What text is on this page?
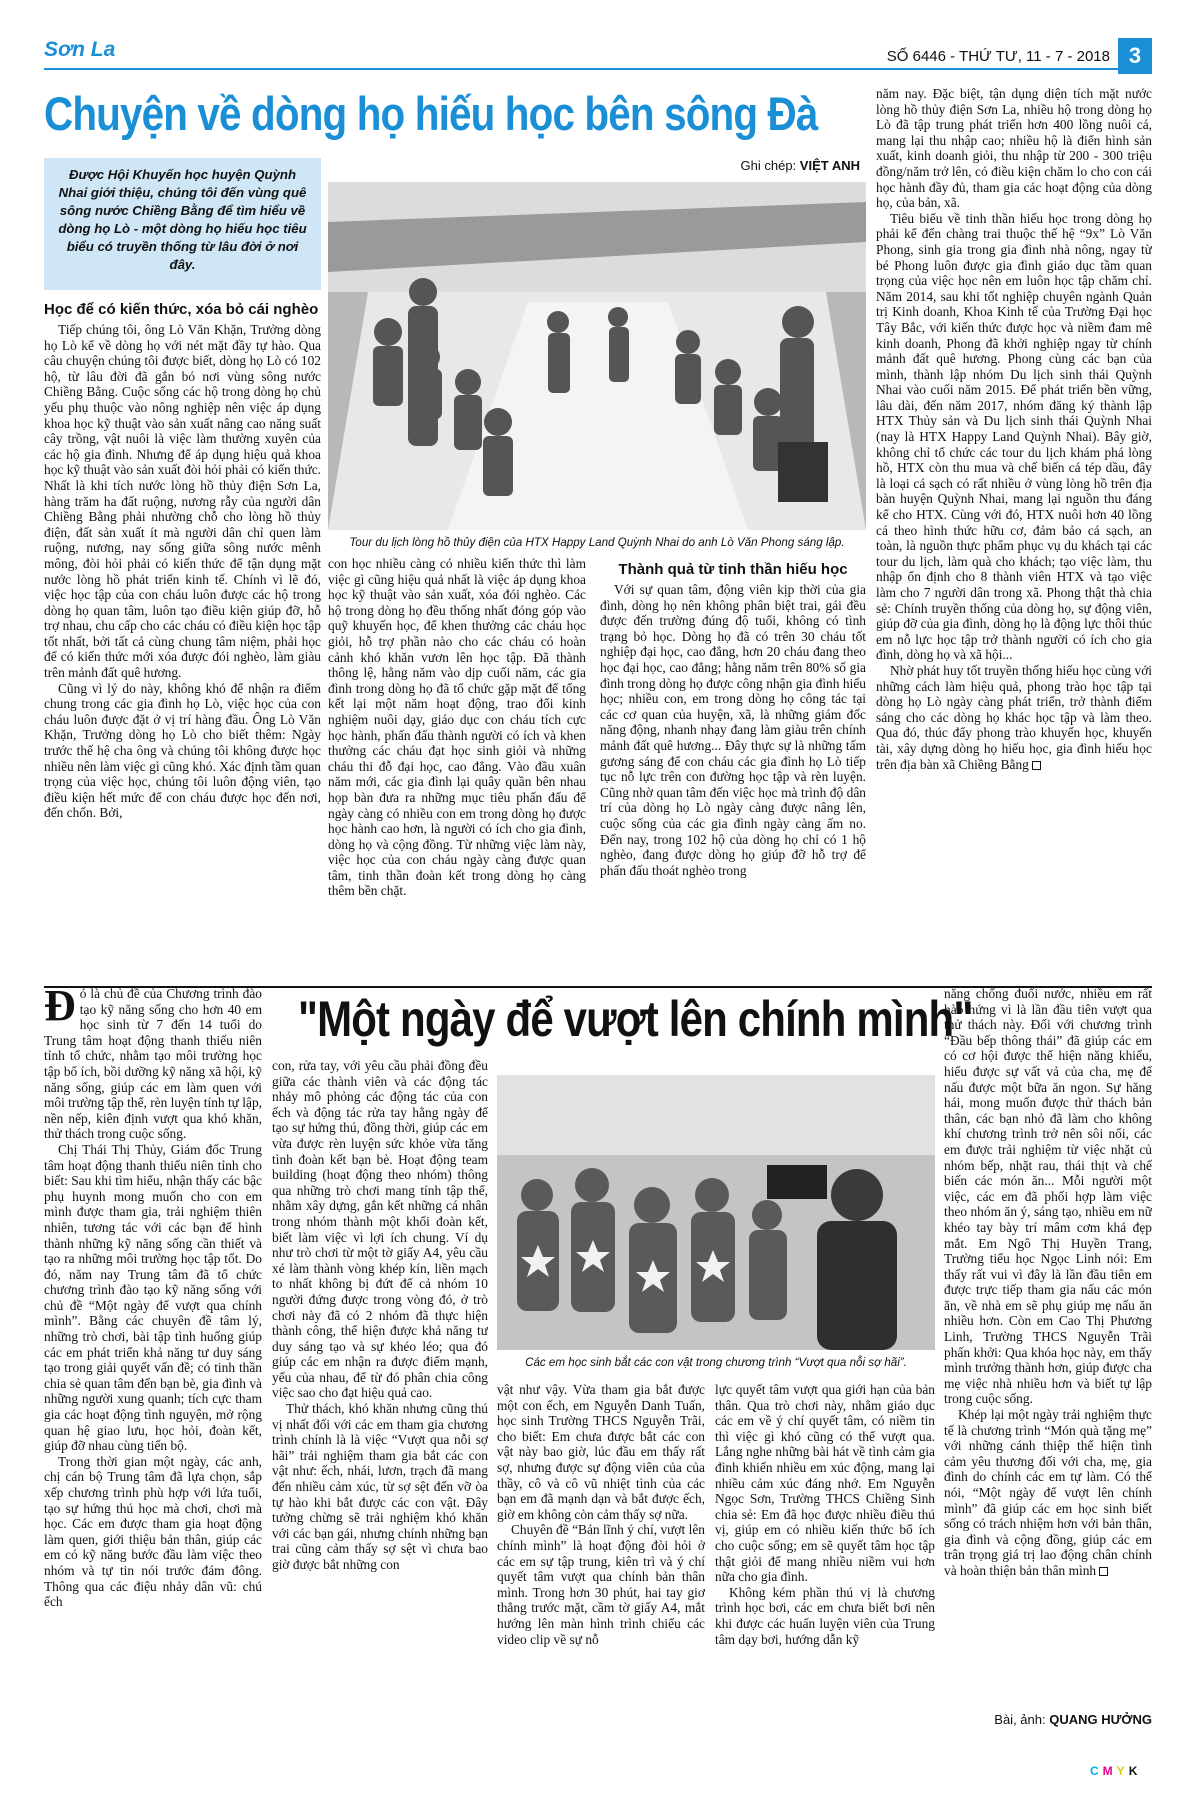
Sơn La	SỐ 6446 - THỨ TƯ, 11 - 7 - 2018 3
Chuyện về dòng họ hiếu học bên sông Đà
Được Hội Khuyến học huyện Quỳnh Nhai giới thiệu, chúng tôi đến vùng quê sông nước Chiềng Bằng để tìm hiểu về dòng họ Lò - một dòng họ hiếu học tiêu biểu có truyền thống từ lâu đời ở nơi đây.
Ghi chép: VIỆT ANH
Tour du lịch lòng hồ thủy điện của HTX Happy Land Quỳnh Nhai do anh Lò Văn Phong sáng lập.

Học để có kiến thức, xóa bỏ cái nghèo

Tiếp chúng tôi, ông Lò Văn Khặn, Trưởng dòng họ Lò kể về dòng họ với nét mặt đầy tự hào. Qua câu chuyện chúng tôi được biết, dòng họ Lò có 102 hộ, từ lâu đời đã gắn bó nơi vùng sông nước Chiềng Bằng. Cuộc sống các hộ trong dòng họ chủ yếu phụ thuộc vào nông nghiệp nên việc áp dụng khoa học kỹ thuật vào sản xuất nâng cao năng suất cây trồng, vật nuôi là việc làm thường xuyên của các hộ gia đình. Nhưng để áp dụng hiệu quả khoa học kỹ thuật vào sản xuất đòi hỏi phải có kiến thức. Nhất là khi tích nước lòng hồ thủy điện Sơn La, hàng trăm ha đất ruộng, nương rẫy của người dân Chiềng Bằng phải nhường chỗ cho lòng hồ thủy điện, đất sản xuất ít mà người dân chỉ quen làm ruộng, nương, nay sống giữa sông nước mênh mông, đòi hỏi phải có kiến thức để tận dụng mặt nước lòng hồ phát triển kinh tế. Chính vì lẽ đó, việc học tập của con cháu luôn được các hộ trong dòng họ quan tâm, luôn tạo điều kiện giúp đỡ, hỗ trợ nhau, chu cấp cho các cháu có điều kiện học tập tốt nhất, bởi tất cả cùng chung tâm niệm, phải học để có kiến thức mới xóa được đói nghèo, làm giàu trên mảnh đất quê hương.

Cũng vì lý do này, không khó để nhận ra điểm chung trong các gia đình họ Lò, việc học của con cháu luôn được đặt ở vị trí hàng đầu. Ông Lò Văn Khặn, Trưởng dòng họ Lò cho biết thêm: Ngày trước thế hệ cha ông và chúng tôi không được học nhiều nên làm việc gì cũng khó. Xác định tầm quan trọng của việc học, chúng tôi luôn động viên, tạo điều kiện hết mức để con cháu được học đến nơi, đến chốn. Bởi,

con học nhiều càng có nhiều kiến thức thì làm việc gì cũng hiệu quả nhất là việc áp dụng khoa học kỹ thuật vào sản xuất, xóa đói nghèo. Các hộ trong dòng họ đều thống nhất đóng góp vào quỹ khuyến học, để khen thưởng các cháu học giỏi, hỗ trợ phần nào cho các cháu có hoàn cảnh khó khăn vươn lên học tập. Đã thành thông lệ, hằng năm vào dịp cuối năm, các gia đình trong dòng họ đã tổ chức gặp mặt để tổng kết lại một năm hoạt động, trao đổi kinh nghiệm nuôi dạy, giáo dục con cháu tích cực học hành, phấn đấu thành người có ích và khen thưởng các cháu đạt học sinh giỏi và những cháu thi đỗ đại học, cao đẳng. Vào đầu xuân năm mới, các gia đình lại quây quần bên nhau họp bàn đưa ra những mục tiêu phấn đấu để ngày càng có nhiều con em trong dòng họ được học hành cao hơn, là người có ích cho gia đình, dòng họ và cộng đồng. Từ những việc làm này, việc học của con cháu ngày càng được quan tâm, tinh thần đoàn kết trong dòng họ càng thêm bền chặt.

Thành quả từ tinh thần hiếu học

Với sự quan tâm, động viên kịp thời của gia đình, dòng họ nên không phân biệt trai, gái đều được đến trường đúng độ tuổi, không có tình trạng bỏ học. Dòng họ đã có trên 30 cháu tốt nghiệp đại học, cao đẳng, hơn 20 cháu đang theo học đại học, cao đẳng; hằng năm trên 80% số gia đình trong dòng họ được công nhận gia đình hiếu học; nhiều con, em trong dòng họ công tác tại các cơ quan của huyện, xã, là những giám đốc năng động, nhanh nhạy đang làm giàu trên chính mảnh đất quê hương... Đây thực sự là những tấm gương sáng để con cháu các gia đình họ Lò tiếp tục nỗ lực trên con đường học tập và rèn luyện. Cũng nhờ quan tâm đến việc học mà trình độ dân trí của dòng họ Lò ngày càng được nâng lên, cuộc sống của các gia đình ngày càng ấm no. Đến nay, trong 102 hộ của dòng họ chỉ có 1 hộ nghèo, đang được dòng họ giúp đỡ hỗ trợ để phấn đấu thoát nghèo trong

năm nay. Đặc biệt, tận dụng diện tích mặt nước lòng hồ thủy điện Sơn La, nhiều hộ trong dòng họ Lò đã tập trung phát triển hơn 400 lồng nuôi cá, mang lại thu nhập cao; nhiều hộ là điển hình sản xuất, kinh doanh giỏi, thu nhập từ 200 - 300 triệu đồng/năm trở lên, có điều kiện chăm lo cho con cái học hành đầy đủ, tham gia các hoạt động của dòng họ, của bản, xã.

Tiêu biểu về tinh thần hiếu học trong dòng họ phải kể đến chàng trai thuộc thế hệ “9x” Lò Văn Phong, sinh gia trong gia đình nhà nông, ngay từ bé Phong luôn được gia đình giáo dục tầm quan trọng của việc học nên em luôn học tập chăm chỉ. Năm 2014, sau khi tốt nghiệp chuyên ngành Quản trị Kinh doanh, Khoa Kinh tế của Trường Đại học Tây Bắc, với kiến thức được học và niềm đam mê kinh doanh, Phong đã khởi nghiệp ngay từ chính mảnh đất quê hương. Phong cùng các bạn của mình, thành lập nhóm Du lịch sinh thái Quỳnh Nhai vào cuối năm 2015. Để phát triển bền vững, lâu dài, đến năm 2017, nhóm đăng ký thành lập HTX Thủy sản và Du lịch sinh thái Quỳnh Nhai (nay là HTX Happy Land Quỳnh Nhai). Bây giờ, không chỉ tổ chức các tour du lịch khám phá lòng hồ, HTX còn thu mua và chế biến cá tép dầu, đây là loại cá sạch có rất nhiều ở vùng lòng hồ trên địa bàn huyện Quỳnh Nhai, mang lại nguồn thu đáng kể cho HTX. Cùng với đó, HTX nuôi hơn 40 lồng cá theo hình thức hữu cơ, đảm bảo cá sạch, an toàn, là nguồn thực phẩm phục vụ du khách tại các tour du lịch, làm quà cho khách; tạo việc làm, thu nhập ổn định cho 8 thành viên HTX và tạo việc làm cho 7 người dân trong xã. Phong thật thà chia sẻ: Chính truyền thống của dòng họ, sự động viên, giúp đỡ của gia đình, dòng họ là động lực thôi thúc em nỗ lực học tập trở thành người có ích cho gia đình, dòng họ và xã hội...

Nhờ phát huy tốt truyền thống hiếu học cùng với những cách làm hiệu quả, phong trào học tập tại dòng họ Lò ngày càng phát triển, trở thành điểm sáng cho các dòng họ khác học tập và làm theo. Qua đó, thúc đẩy phong trào khuyến học, khuyến tài, xây dựng dòng họ hiếu học, gia đình hiếu học trên địa bàn xã Chiềng Bằng

"Một ngày để vượt lên chính mình"
Các em học sinh bắt các con vật trong chương trình “Vượt qua nỗi sợ hãi”.

Đó là chủ đề của Chương trình đào tạo kỹ năng sống cho hơn 40 em học sinh từ 7 đến 14 tuổi do Trung tâm hoạt động thanh thiếu niên tỉnh tổ chức, nhằm tạo môi trường học tập bổ ích, bồi dưỡng kỹ năng xã hội, kỹ năng sống, giúp các em làm quen với môi trường tập thể, rèn luyện tính tự lập, nền nếp, kiên định vượt qua khó khăn, thử thách trong cuộc sống.

Chị Thái Thị Thủy, Giám đốc Trung tâm hoạt động thanh thiếu niên tỉnh cho biết: Sau khi tìm hiểu, nhận thấy các bậc phụ huynh mong muốn cho con em mình được tham gia, trải nghiệm thiên nhiên, tương tác với các bạn để hình thành những kỹ năng sống cần thiết và tạo ra những môi trường học tập tốt. Do đó, năm nay Trung tâm đã tổ chức chương trình đào tạo kỹ năng sống với chủ đề “Một ngày để vượt qua chính mình”. Bằng các chuyên đề tâm lý, những trò chơi, bài tập tình huống giúp các em phát triển khả năng tư duy sáng tạo trong giải quyết vấn đề; có tinh thần chia sẻ quan tâm đến bạn bè, gia đình và những người xung quanh; tích cực tham gia các hoạt động tình nguyện, mở rộng quan hệ giao lưu, học hỏi, đoàn kết, giúp đỡ nhau cùng tiến bộ.

Trong thời gian một ngày, các anh, chị cán bộ Trung tâm đã lựa chọn, sắp xếp chương trình phù hợp với lứa tuổi, tạo sự hứng thú học mà chơi, chơi mà học. Các em được tham gia hoạt động làm quen, giới thiệu bản thân, giúp các em có kỹ năng bước đầu làm việc theo nhóm và tự tin nói trước đám đông. Thông qua các điệu nhảy dân vũ: chú ếch

con, rửa tay, với yêu cầu phải đồng đều giữa các thành viên và các động tác nhảy mô phỏng các động tác của con ếch và động tác rửa tay hằng ngày để tạo sự hứng thú, đồng thời, giúp các em vừa được rèn luyện sức khỏe vừa tăng tình đoàn kết bạn bè. Hoạt động team building (hoạt động theo nhóm) thông qua những trò chơi mang tính tập thể, nhằm xây dựng, gắn kết những cá nhân trong nhóm thành một khối đoàn kết, biết làm việc vì lợi ích chung. Ví dụ như trò chơi từ một tờ giấy A4, yêu cầu xé làm thành vòng khép kín, liền mạch to nhất không bị đứt để cả nhóm 10 người đứng được trong vòng đó, ở trò chơi này đã có 2 nhóm đã thực hiện thành công, thể hiện được khả năng tư duy sáng tạo và sự khéo léo; qua đó giúp các em nhận ra được điểm mạnh, yếu của nhau, để từ đó phân chia công việc sao cho đạt hiệu quả cao.

Thử thách, khó khăn nhưng cũng thú vị nhất đối với các em tham gia chương trình chính là là việc “Vượt qua nỗi sợ hãi” trải nghiệm tham gia bắt các con vật như: ếch, nhái, lươn, trạch đã mang đến nhiều cảm xúc, từ sợ sệt đến vỡ òa tự hào khi bắt được các con vật. Đây tưởng chừng sẽ trải nghiệm khó khăn với các bạn gái, nhưng chính những bạn trai cũng cảm thấy sợ sệt vì chưa bao giờ được bắt những con

vật như vậy. Vừa tham gia bắt được một con ếch, em Nguyễn Danh Tuấn, học sinh Trường THCS Nguyễn Trãi, cho biết: Em chưa được bắt các con vật này bao giờ, lúc đầu em thấy rất sợ, nhưng được sự động viên của của thầy, cô và cô vũ nhiệt tình của các bạn em đã mạnh dạn và bắt được ếch, giờ em không còn cảm thấy sợ nữa.

Chuyên đề “Bản lĩnh ý chí, vượt lên chính mình” là hoạt động đòi hỏi ở các em sự tập trung, kiên trì và ý chí quyết tâm vượt qua chính bản thân mình. Trong hơn 30 phút, hai tay giơ thẳng trước mặt, cầm tờ giấy A4, mắt hướng lên màn hình trình chiếu các video clip về sự nỗ

lực quyết tâm vượt qua giới hạn của bản thân. Qua trò chơi này, nhằm giáo dục các em về ý chí quyết tâm, có niềm tin thì việc gì khó cũng có thể vượt qua. Lắng nghe những bài hát về tình cảm gia đình khiến nhiều em xúc động, mang lại nhiều cảm xúc đáng nhớ. Em Nguyễn Ngọc Sơn, Trường THCS Chiềng Sinh chia sẻ: Em đã học được nhiều điều thú vị, giúp em có nhiều kiến thức bổ ích cho cuộc sống; em sẽ quyết tâm học tập thật giỏi để mang nhiều niềm vui hơn nữa cho gia đình.

Không kém phần thú vị là chương trình học bơi, các em chưa biết bơi nên khi được các huấn luyện viên của Trung tâm dạy bơi, hướng dẫn kỹ

năng chống đuối nước, nhiều em rất hào hứng vì là lần đầu tiên vượt qua thử thách này. Đối với chương trình “Đầu bếp thông thái” đã giúp các em có cơ hội được thể hiện năng khiếu, hiểu được sự vất vả của cha, mẹ để nấu được một bữa ăn ngon. Sự hăng hái, mong muốn được thử thách bản thân, các bạn nhỏ đã làm cho không khí chương trình trở nên sôi nổi, các em được trải nghiệm từ việc nhặt củ nhóm bếp, nhặt rau, thái thịt và chế biến các món ăn... Mỗi người một việc, các em đã phối hợp làm việc theo nhóm ăn ý, sáng tạo, nhiều em nữ khéo tay bày trí mâm cơm khá đẹp mắt. Em Ngô Thị Huyền Trang, Trường tiểu học Ngọc Linh nói: Em thấy rất vui vì đây là lần đầu tiên em được trực tiếp tham gia nấu các món ăn, về nhà em sẽ phụ giúp mẹ nấu ăn nhiều hơn. Còn em Cao Thị Phương Linh, Trường THCS Nguyễn Trãi phấn khởi: Qua khóa học này, em thấy mình trưởng thành hơn, giúp được cha mẹ việc nhà nhiều hơn và biết tự lập trong cuộc sống.

Khép lại một ngày trải nghiệm thực tế là chương trình “Món quà tặng mẹ” với những cánh thiệp thể hiện tình cảm yêu thương đối với cha, mẹ, gia đình do chính các em tự làm. Có thể nói, “Một ngày để vượt lên chính mình” đã giúp các em học sinh biết sống có trách nhiệm hơn với bản thân, gia đình và cộng đồng, giúp các em trân trọng giá trị lao động chân chính và hoàn thiện bản thân mình

Bài, ảnh: QUANG HƯỞNG
CMYK
